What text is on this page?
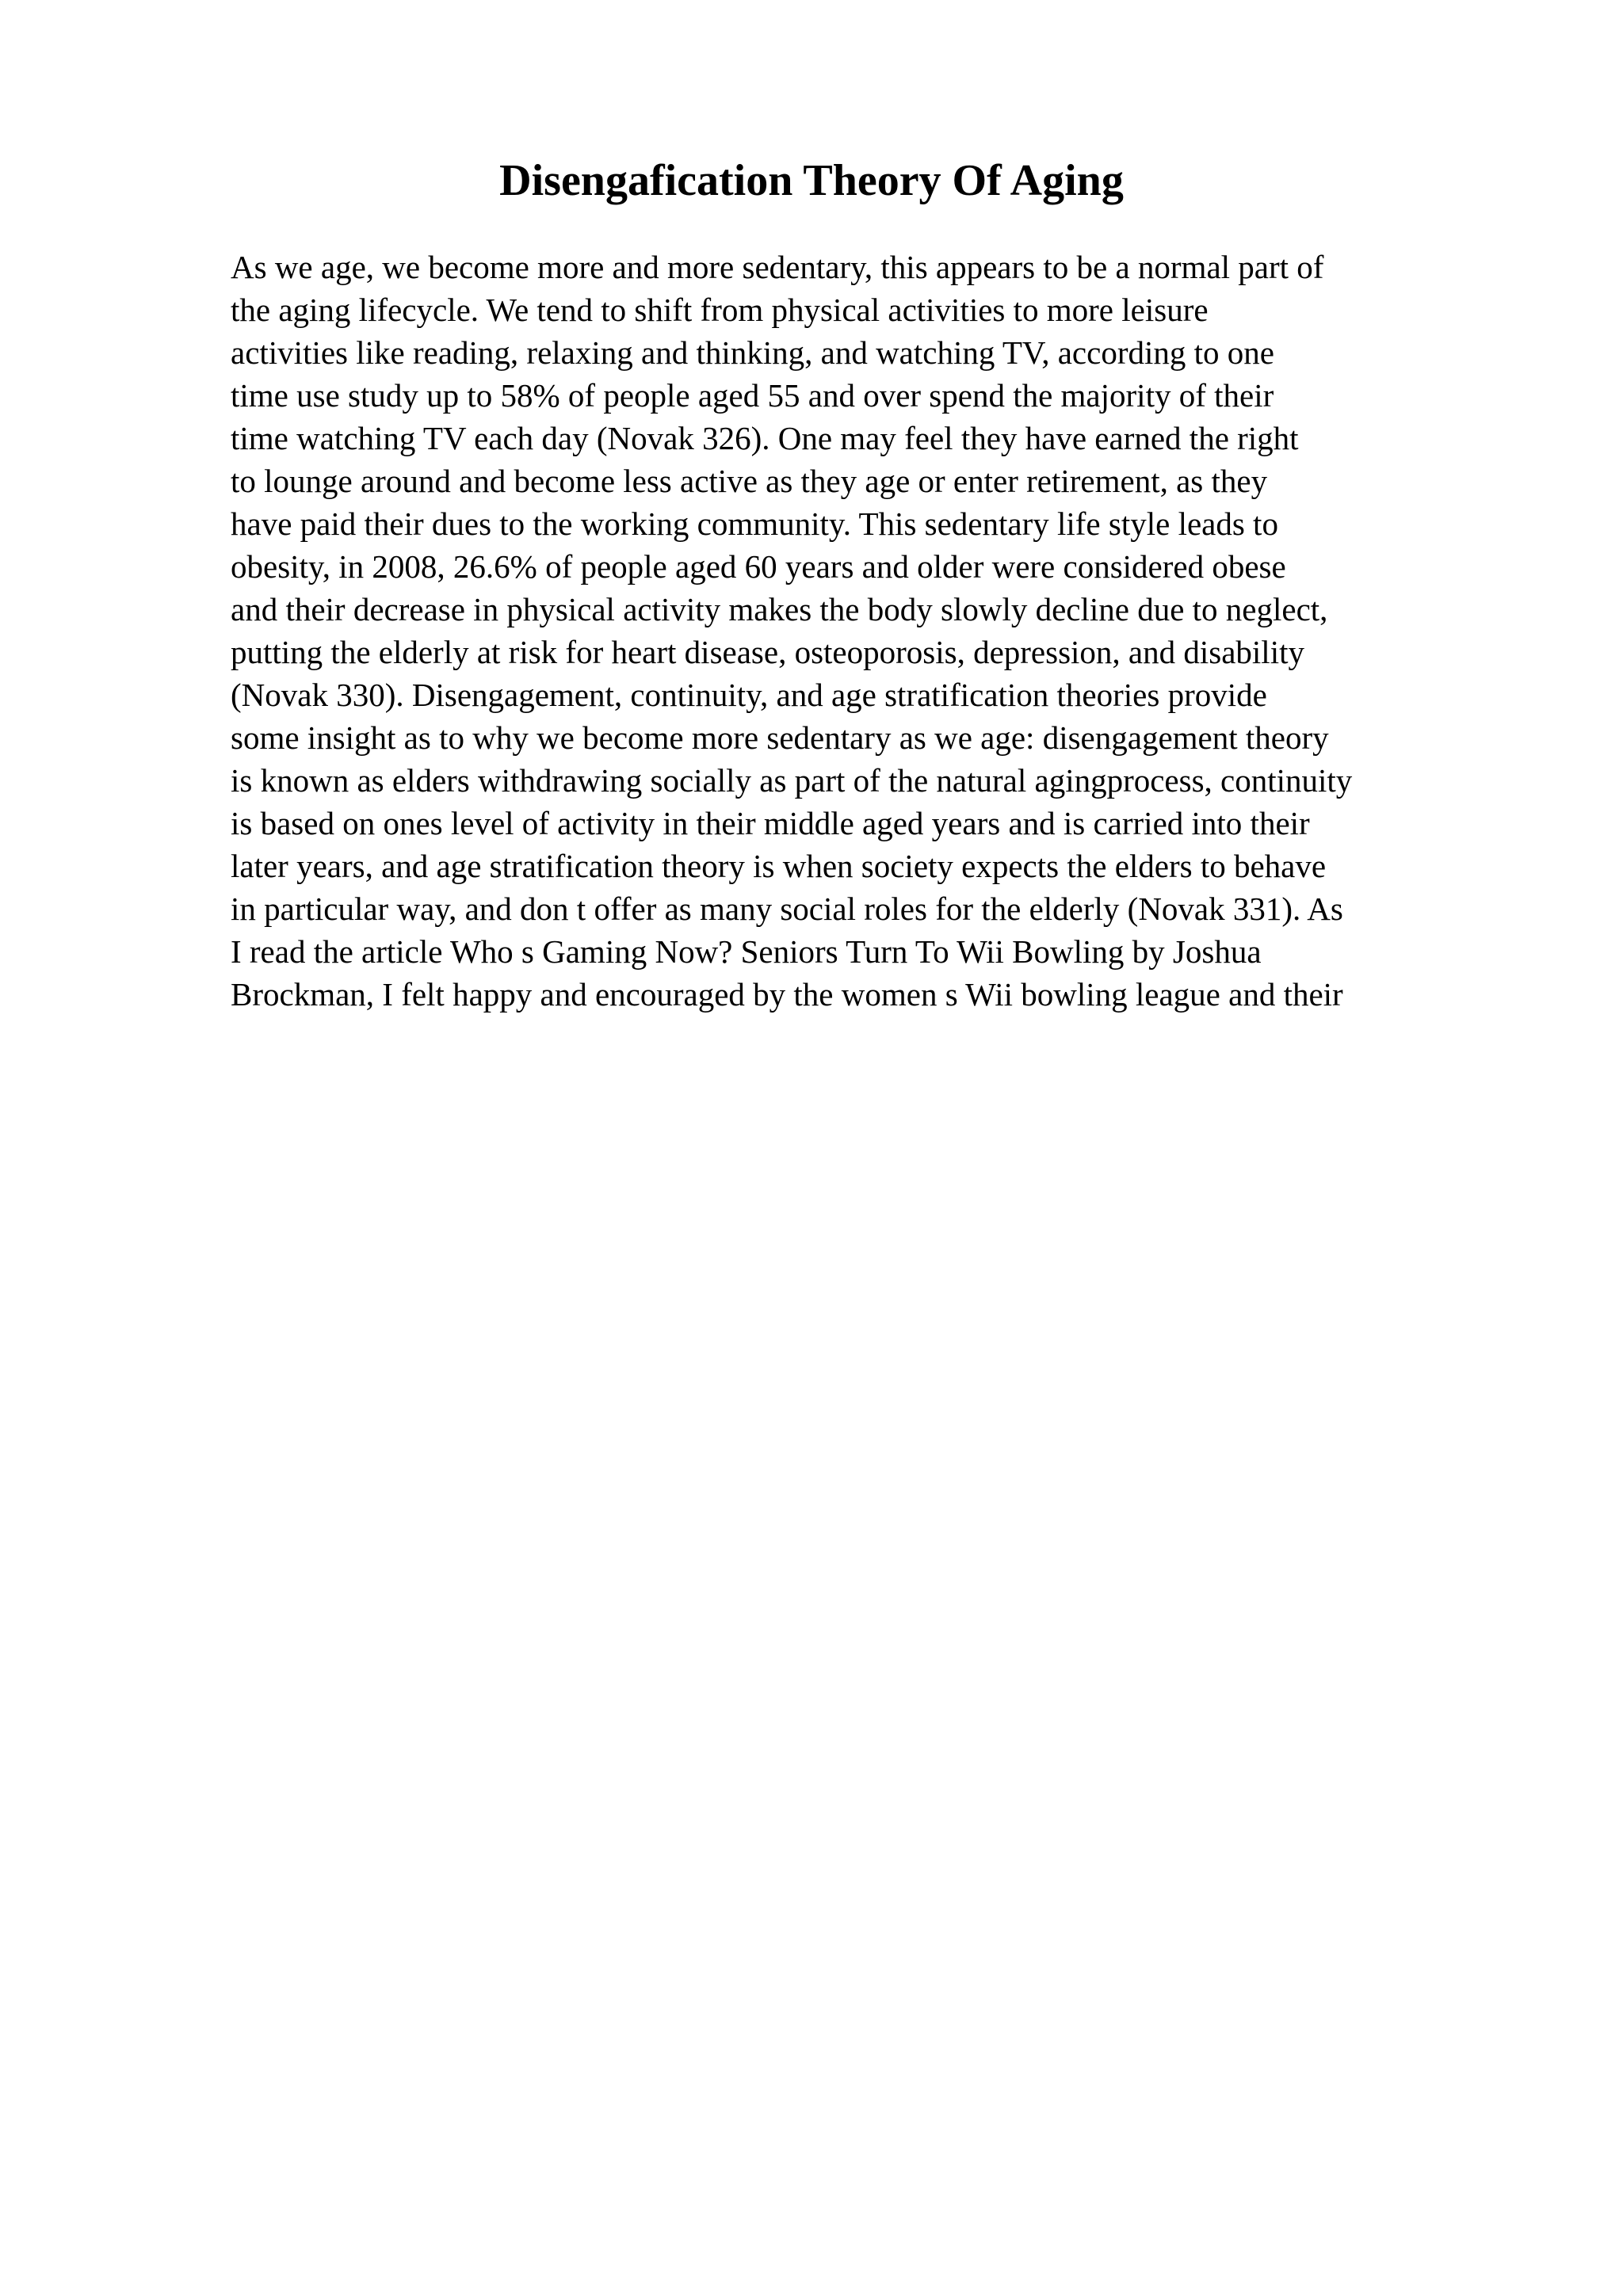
Disengafication Theory Of Aging
As we age, we become more and more sedentary, this appears to be a normal part of
the aging lifecycle. We tend to shift from physical activities to more leisure
activities like reading, relaxing and thinking, and watching TV, according to one
time use study up to 58% of people aged 55 and over spend the majority of their
time watching TV each day (Novak 326). One may feel they have earned the right
to lounge around and become less active as they age or enter retirement, as they
have paid their dues to the working community. This sedentary life style leads to
obesity, in 2008, 26.6% of people aged 60 years and older were considered obese
and their decrease in physical activity makes the body slowly decline due to neglect,
putting the elderly at risk for heart disease, osteoporosis, depression, and disability
(Novak 330). Disengagement, continuity, and age stratification theories provide
some insight as to why we become more sedentary as we age: disengagement theory
is known as elders withdrawing socially as part of the natural agingprocess, continuity
is based on ones level of activity in their middle aged years and is carried into their
later years, and age stratification theory is when society expects the elders to behave
in particular way, and don t offer as many social roles for the elderly (Novak 331). As
I read the article Who s Gaming Now? Seniors Turn To Wii Bowling by Joshua
Brockman, I felt happy and encouraged by the women s Wii bowling league and their
